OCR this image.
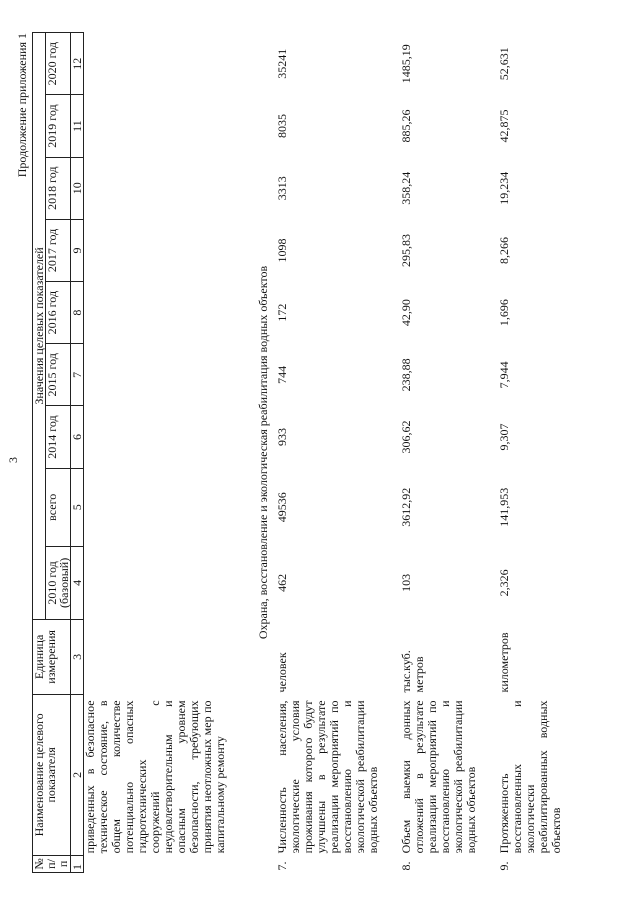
3
Продолжение приложения 1
№ п/п	Наименование целевого показателя	Единица измерения	Значения целевых показателей								
			2010 год (базовый)	всего	2014 год	2015 год	2016 год	2017 год	2018 год	2019 год	2020 год
1	2	3	4	5	6	7	8	9	10	11	12
	приведенных в безопасное техническое состояние, в общем количестве потенциально опасных гидротехнических сооружений с неудовлетворительным и опасным уровнем безопасности, требующих принятия неотложных мер по капитальному ремонту										
Охрана, восстановление и экологическая реабилитация водных объектов											
7.	Численность населения, экологические условия проживания которого будут улучшены в результате реализации мероприятий по восстановлению и экологической реабилитации водных объектов	человек	462	49536	933	744	172	1098	3313	8035	35241
8.	Объем выемки донных отложений в результате реализации мероприятий по восстановлению и экологической реабилитации водных объектов	тыс.куб. метров	103	3612,92	306,62	238,88	42,90	295,83	358,24	885,26	1485,19
9.	Протяженность восстановленных и экологически реабилитированных водных объектов	километров	2,326	141,953	9,307	7,944	1,696	8,266	19,234	42,875	52,631
